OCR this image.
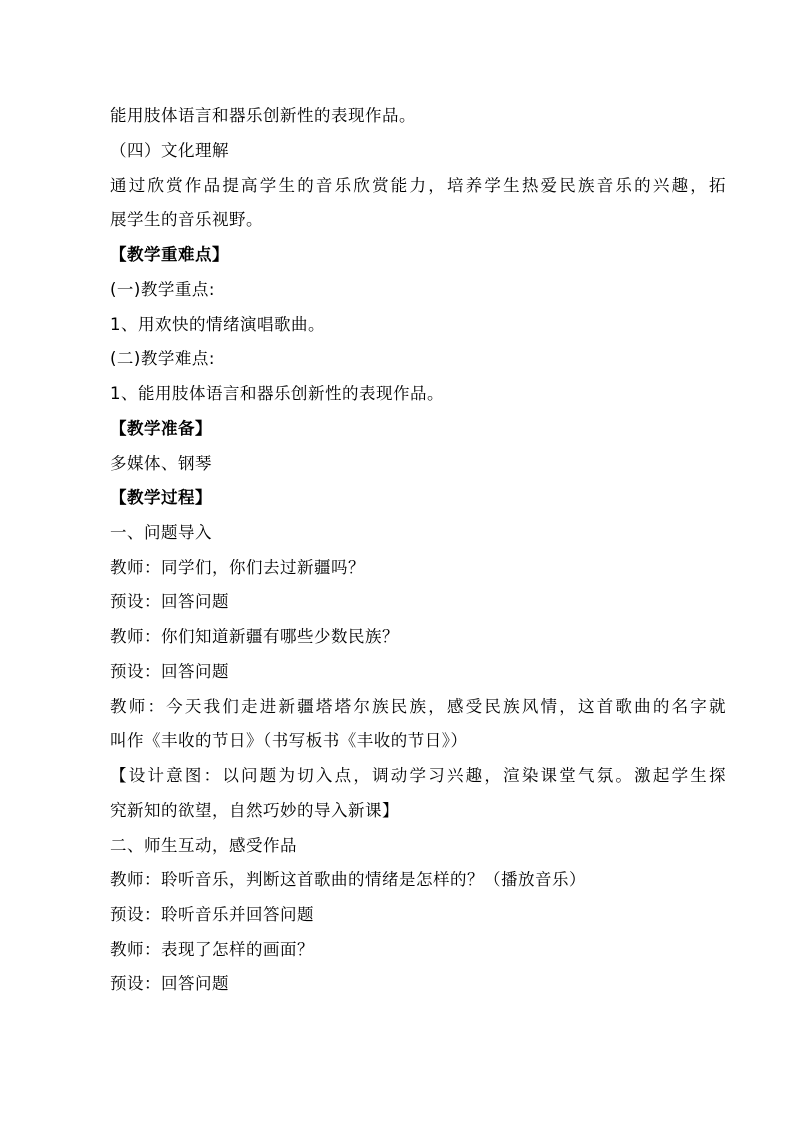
能用肢体语言和器乐创新性的表现作品。
（四）文化理解
通过欣赏作品提高学生的音乐欣赏能力，培养学生热爱民族音乐的兴趣，拓
展学生的音乐视野。
【教学重难点】
(一)教学重点:
1、用欢快的情绪演唱歌曲。
(二)教学难点:
1、能用肢体语言和器乐创新性的表现作品。
【教学准备】
多媒体、钢琴
【教学过程】
一、问题导入
教师：同学们，你们去过新疆吗？
预设：回答问题
教师：你们知道新疆有哪些少数民族？
预设：回答问题
教师：今天我们走进新疆塔塔尔族民族，感受民族风情，这首歌曲的名字就
叫作《丰收的节日》（书写板书《丰收的节日》）
【设计意图：以问题为切入点，调动学习兴趣，渲染课堂气氛。激起学生探
究新知的欲望，自然巧妙的导入新课】
二、师生互动，感受作品
教师：聆听音乐，判断这首歌曲的情绪是怎样的？（播放音乐）
预设：聆听音乐并回答问题
教师：表现了怎样的画面？
预设：回答问题
